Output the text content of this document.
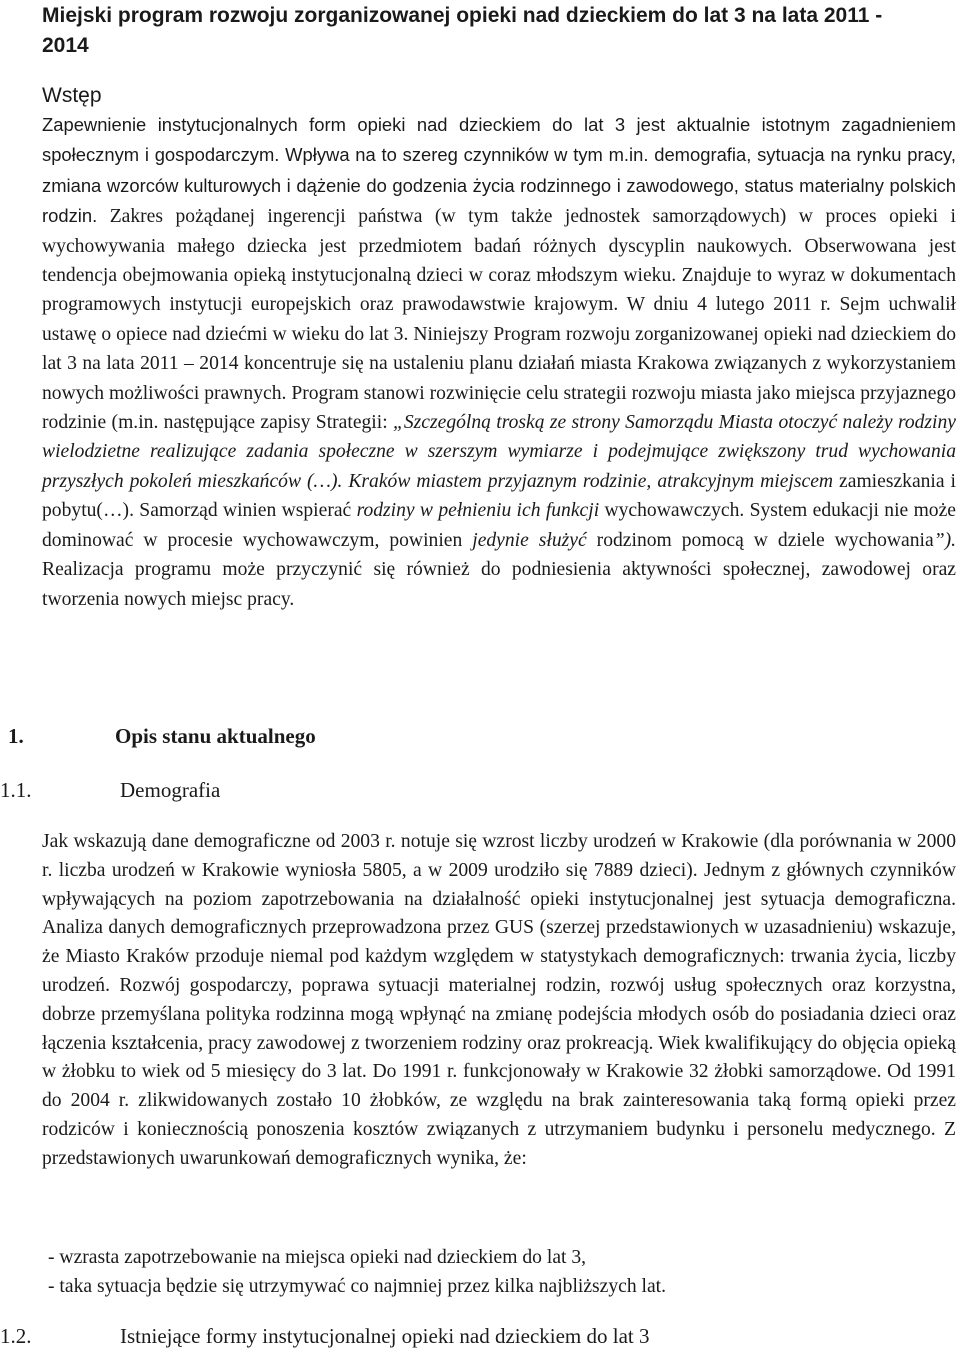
Miejski program rozwoju zorganizowanej opieki nad dzieckiem do lat 3 na lata 2011 - 2014
Wstęp

Zapewnienie instytucjonalnych form opieki nad dzieckiem do lat 3 jest aktualnie istotnym zagadnieniem społecznym i gospodarczym. Wpływa na to szereg czynników w tym m.in. demografia, sytuacja na rynku pracy, zmiana wzorców kulturowych i dążenie do godzenia życia rodzinnego i zawodowego, status materialny polskich rodzin. Zakres pożądanej ingerencji państwa (w tym także jednostek samorządowych) w proces opieki i wychowywania małego dziecka jest przedmiotem badań różnych dyscyplin naukowych. Obserwowana jest tendencja obejmowania opieką instytucjonalną dzieci w coraz młodszym wieku. Znajduje to wyraz w dokumentach programowych instytucji europejskich oraz prawodawstwie krajowym. W dniu 4 lutego 2011 r. Sejm uchwalił ustawę o opiece nad dziećmi w wieku do lat 3. Niniejszy Program rozwoju zorganizowanej opieki nad dzieckiem do lat 3 na lata 2011 – 2014 koncentruje się na ustaleniu planu działań miasta Krakowa związanych z wykorzystaniem nowych możliwości prawnych. Program stanowi rozwinięcie celu strategii rozwoju miasta jako miejsca przyjaznego rodzinie (m.in. następujące zapisy Strategii: „Szczególną troską ze strony Samorządu Miasta otoczyć należy rodziny wielodzietne realizujące zadania społeczne w szerszym wymiarze i podejmujące zwiększony trud wychowania przyszłych pokoleń mieszkańców (…). Kraków miastem przyjaznym rodzinie, atrakcyjnym miejscem zamieszkania i pobytu(…). Samorząd winien wspierać rodziny w pełnieniu ich funkcji wychowawczych. System edukacji nie może dominować w procesie wychowawczym, powinien jedynie służyć rodzinom pomocą w dziele wychowania”). Realizacja programu może przyczynić się również do podniesienia aktywności społecznej, zawodowej oraz tworzenia nowych miejsc pracy.

1.	Opis stanu aktualnego
1.1.	Demografia

Jak wskazują dane demograficzne od 2003 r. notuje się wzrost liczby urodzeń w Krakowie (dla porównania w 2000 r. liczba urodzeń w Krakowie wyniosła 5805, a w 2009 urodziło się 7889 dzieci). Jednym z głównych czynników wpływających na poziom zapotrzebowania na działalność opieki instytucjonalnej jest sytuacja demograficzna. Analiza danych demograficznych przeprowadzona przez GUS (szerzej przedstawionych w uzasadnieniu) wskazuje, że Miasto Kraków przoduje niemal pod każdym względem w statystykach demograficznych: trwania życia, liczby urodzeń. Rozwój gospodarczy, poprawa sytuacji materialnej rodzin, rozwój usług społecznych oraz korzystna, dobrze przemyślana polityka rodzinna mogą wpłynąć na zmianę podejścia młodych osób do posiadania dzieci oraz łączenia kształcenia, pracy zawodowej z tworzeniem rodziny oraz prokreacją. Wiek kwalifikujący do objęcia opieką w żłobku to wiek od 5 miesięcy do 3 lat. Do 1991 r. funkcjonowały w Krakowie 32 żłobki samorządowe. Od 1991 do 2004 r. zlikwidowanych zostało 10 żłobków, ze względu na brak zainteresowania taką formą opieki przez rodziców i koniecznością ponoszenia kosztów związanych z utrzymaniem budynku i personelu medycznego. Z przedstawionych uwarunkowań demograficznych wynika, że:

- wzrasta zapotrzebowanie na miejsca opieki nad dzieckiem do lat 3,
- taka sytuacja będzie się utrzymywać co najmniej przez kilka najbliższych lat.
1.2.	Istniejące formy instytucjonalnej opieki nad dzieckiem do lat 3
